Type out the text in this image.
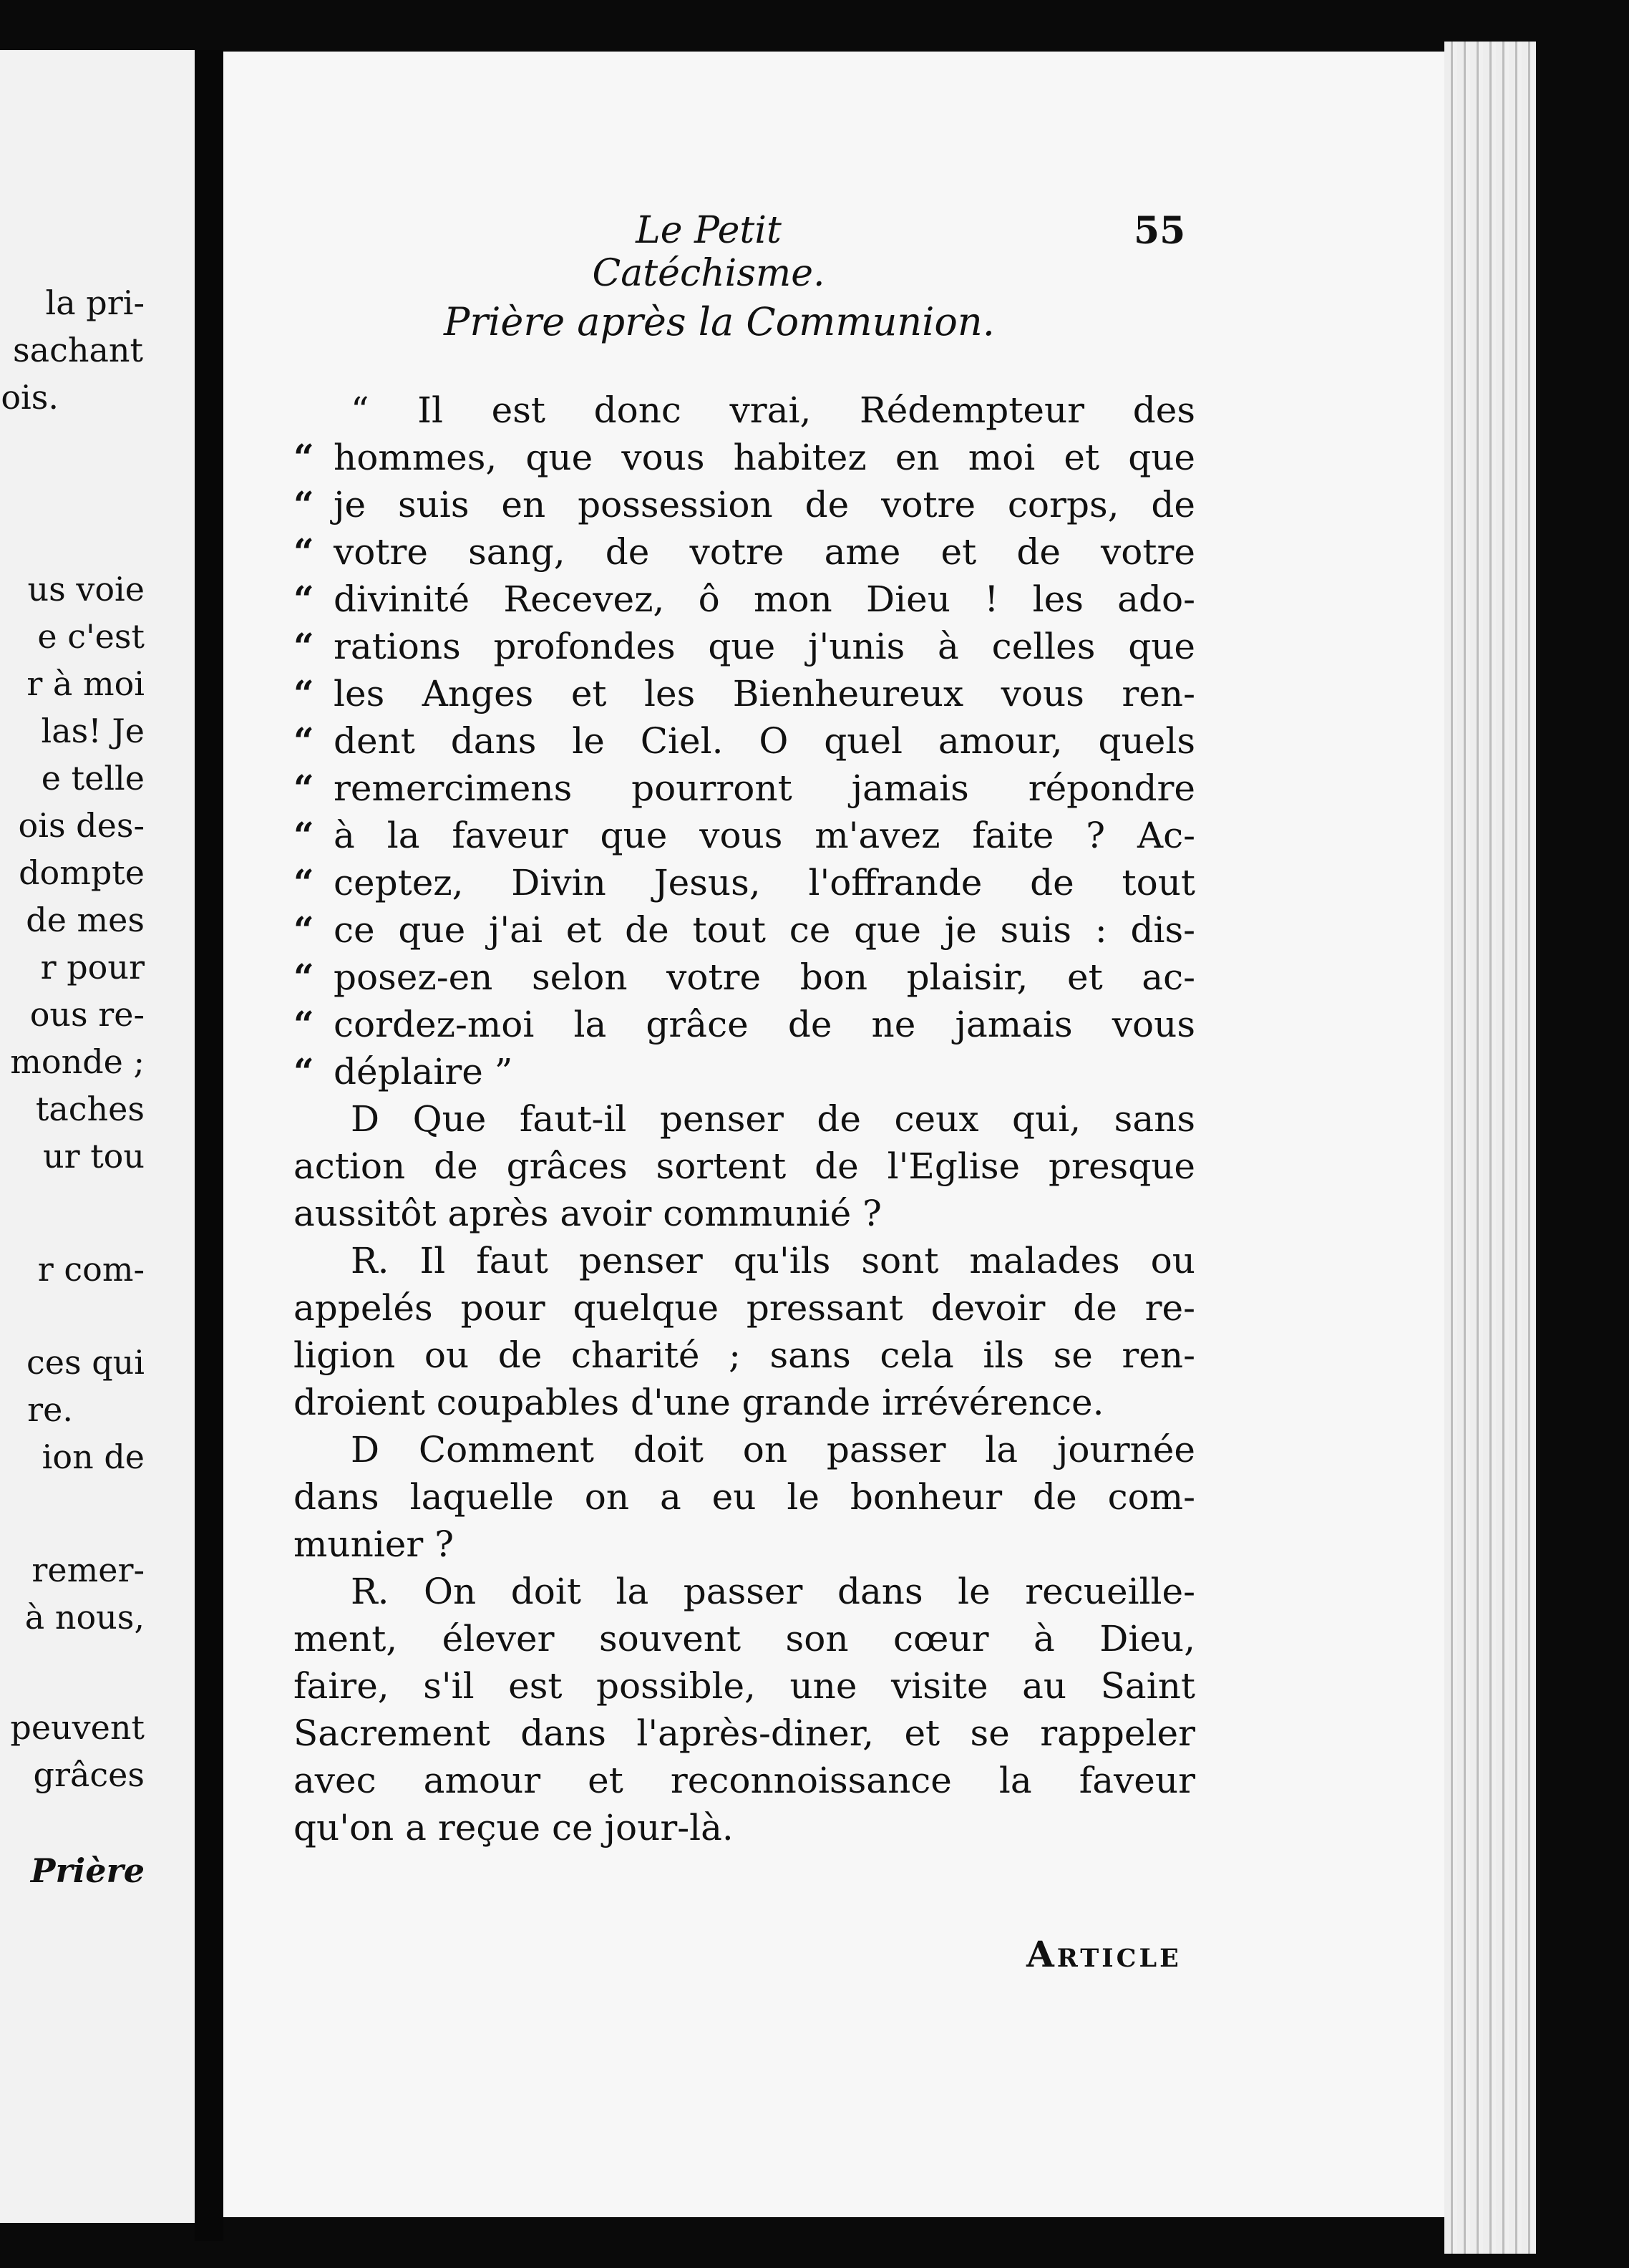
la pri-
sachant
ois.
us voie
e c'est
r à moi
las! Je
e telle
ois des-
dompte
de mes
r pour
ous re-
monde ;
taches
ur tou
r com-
ces qui
re.
ion de
remer-
à nous,
peuvent
grâces
Prière
Le Petit Catéchisme.
55
Prière après la Communion.
“ Il est donc vrai, Rédempteur des
“ hommes, que vous habitez en moi et que
“ je suis en possession de votre corps, de
“ votre sang, de votre ame et de votre
“ divinité Recevez, ô mon Dieu ! les ado-
“ rations profondes que j'unis à celles que
“ les Anges et les Bienheureux vous ren-
“ dent dans le Ciel. O quel amour, quels
“ remercimens pourront jamais répondre
“ à la faveur que vous m'avez faite ? Ac-
“ ceptez, Divin Jesus, l'offrande de tout
“ ce que j'ai et de tout ce que je suis : dis-
“ posez-en selon votre bon plaisir, et ac-
“ cordez-moi la grâce de ne jamais vous
“ déplaire ”
D Que faut-il penser de ceux qui, sans
action de grâces sortent de l'Eglise presque
aussitôt après avoir communié ?
R. Il faut penser qu'ils sont malades ou
appelés pour quelque pressant devoir de re-
ligion ou de charité ; sans cela ils se ren-
droient coupables d'une grande irrévérence.
D Comment doit on passer la journée
dans laquelle on a eu le bonheur de com-
munier ?
R. On doit la passer dans le recueille-
ment, élever souvent son cœur à Dieu,
faire, s'il est possible, une visite au Saint
Sacrement dans l'après-diner, et se rappeler
avec amour et reconnoissance la faveur
qu'on a reçue ce jour-là.
Article
